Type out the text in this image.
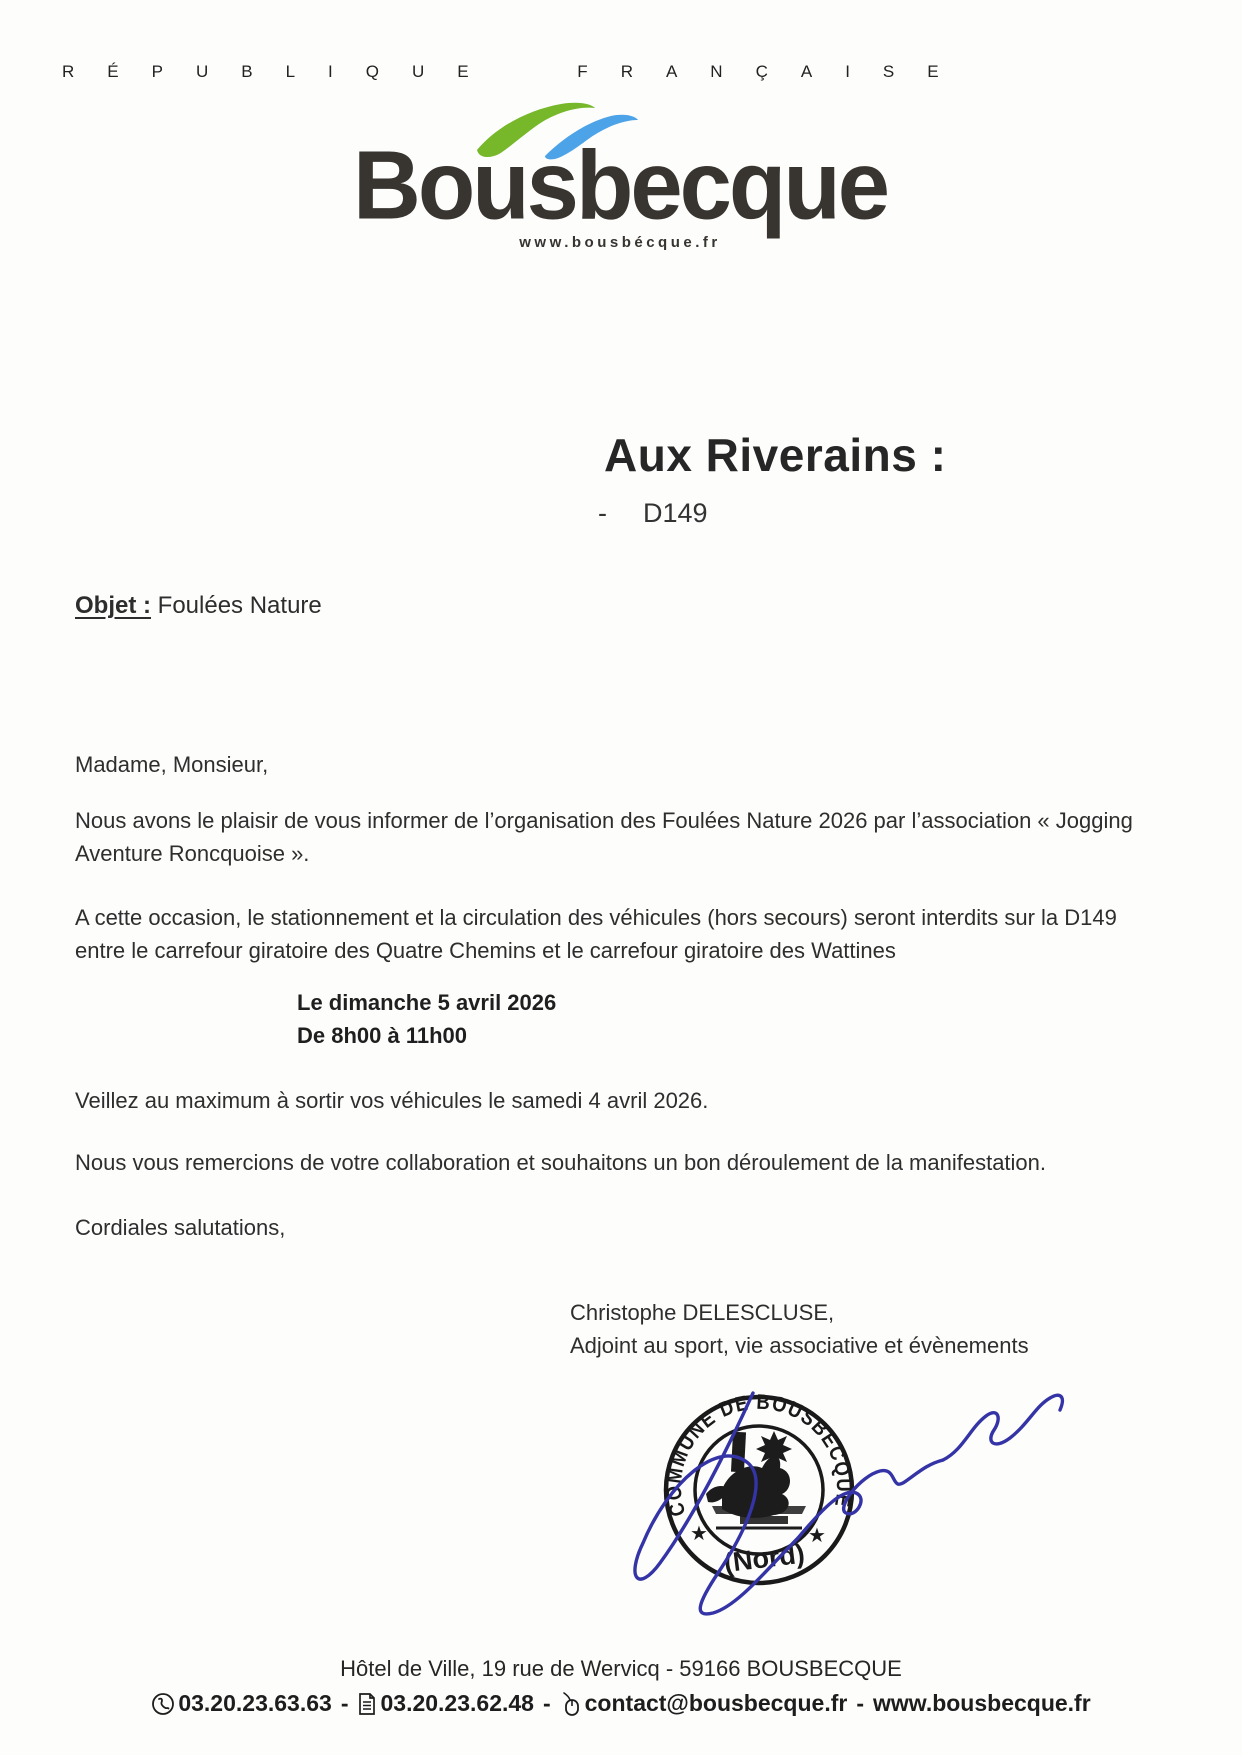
RÉPUBLIQUE FRANÇAISE
Bousbecque
www.bousbécque.fr
Aux Riverains :
- D149
Objet : Foulées Nature
Madame, Monsieur,
Nous avons le plaisir de vous informer de l’organisation des Foulées Nature 2026 par l’association « Jogging
Aventure Roncquoise ».
A cette occasion, le stationnement et la circulation des véhicules (hors secours) seront interdits sur la D149
entre le carrefour giratoire des Quatre Chemins et le carrefour giratoire des Wattines
Le dimanche 5 avril 2026
De 8h00 à 11h00
Veillez au maximum à sortir vos véhicules le samedi 4 avril 2026.
Nous vous remercions de votre collaboration et souhaitons un bon déroulement de la manifestation.
Cordiales salutations,
Christophe DELESCLUSE,
Adjoint au sport, vie associative et évènements
COMMUNE DE BOUSBECQUE
(Nord)
★	★
Hôtel de Ville, 19 rue de Wervicq - 59166 BOUSBECQUE
03.20.23.63.63 - 03.20.23.62.48 - contact@bousbecque.fr - www.bousbecque.fr
